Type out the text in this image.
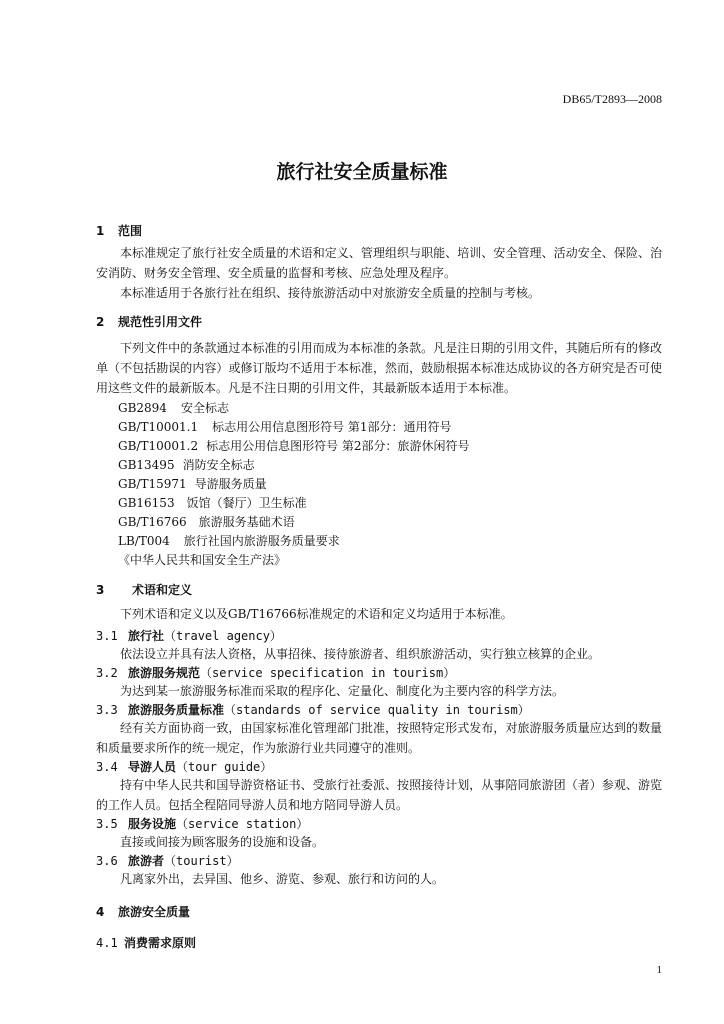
DB65/T2893—2008
旅行社安全质量标准
1 范围
本标准规定了旅行社安全质量的术语和定义、管理组织与职能、培训、安全管理、活动安全、保险、治安消防、财务安全管理、安全质量的监督和考核、应急处理及程序。
本标准适用于各旅行社在组织、接待旅游活动中对旅游安全质量的控制与考核。
2 规范性引用文件
下列文件中的条款通过本标准的引用而成为本标准的条款。凡是注日期的引用文件，其随后所有的修改单（不包括勘误的内容）或修订版均不适用于本标准，然而，鼓励根据本标准达成协议的各方研究是否可使用这些文件的最新版本。凡是不注日期的引用文件，其最新版本适用于本标准。
GB2894 安全标志
GB/T10001.1 标志用公用信息图形符号 第1部分：通用符号
GB/T10001.2 标志用公用信息图形符号 第2部分：旅游休闲符号
GB13495 消防安全标志
GB/T15971 导游服务质量
GB16153 饭馆（餐厅）卫生标准
GB/T16766 旅游服务基础术语
LB/T004 旅行社国内旅游服务质量要求
《中华人民共和国安全生产法》
3 术语和定义
下列术语和定义以及GB/T16766标准规定的术语和定义均适用于本标准。
3.1 旅行社（travel agency）
依法设立并具有法人资格，从事招徕、接待旅游者、组织旅游活动，实行独立核算的企业。
3.2 旅游服务规范（service specification in tourism）
为达到某一旅游服务标准而采取的程序化、定量化、制度化为主要内容的科学方法。
3.3 旅游服务质量标准（standards of service quality in tourism）
经有关方面协商一致，由国家标准化管理部门批准，按照特定形式发布，对旅游服务质量应达到的数量和质量要求所作的统一规定，作为旅游行业共同遵守的准则。
3.4 导游人员（tour guide）
持有中华人民共和国导游资格证书、受旅行社委派、按照接待计划，从事陪同旅游团（者）参观、游览的工作人员。包括全程陪同导游人员和地方陪同导游人员。
3.5 服务设施（service station）
直接或间接为顾客服务的设施和设备。
3.6 旅游者（tourist）
凡离家外出，去异国、他乡、游览、参观、旅行和访问的人。
4 旅游安全质量
4.1 消费需求原则
1
